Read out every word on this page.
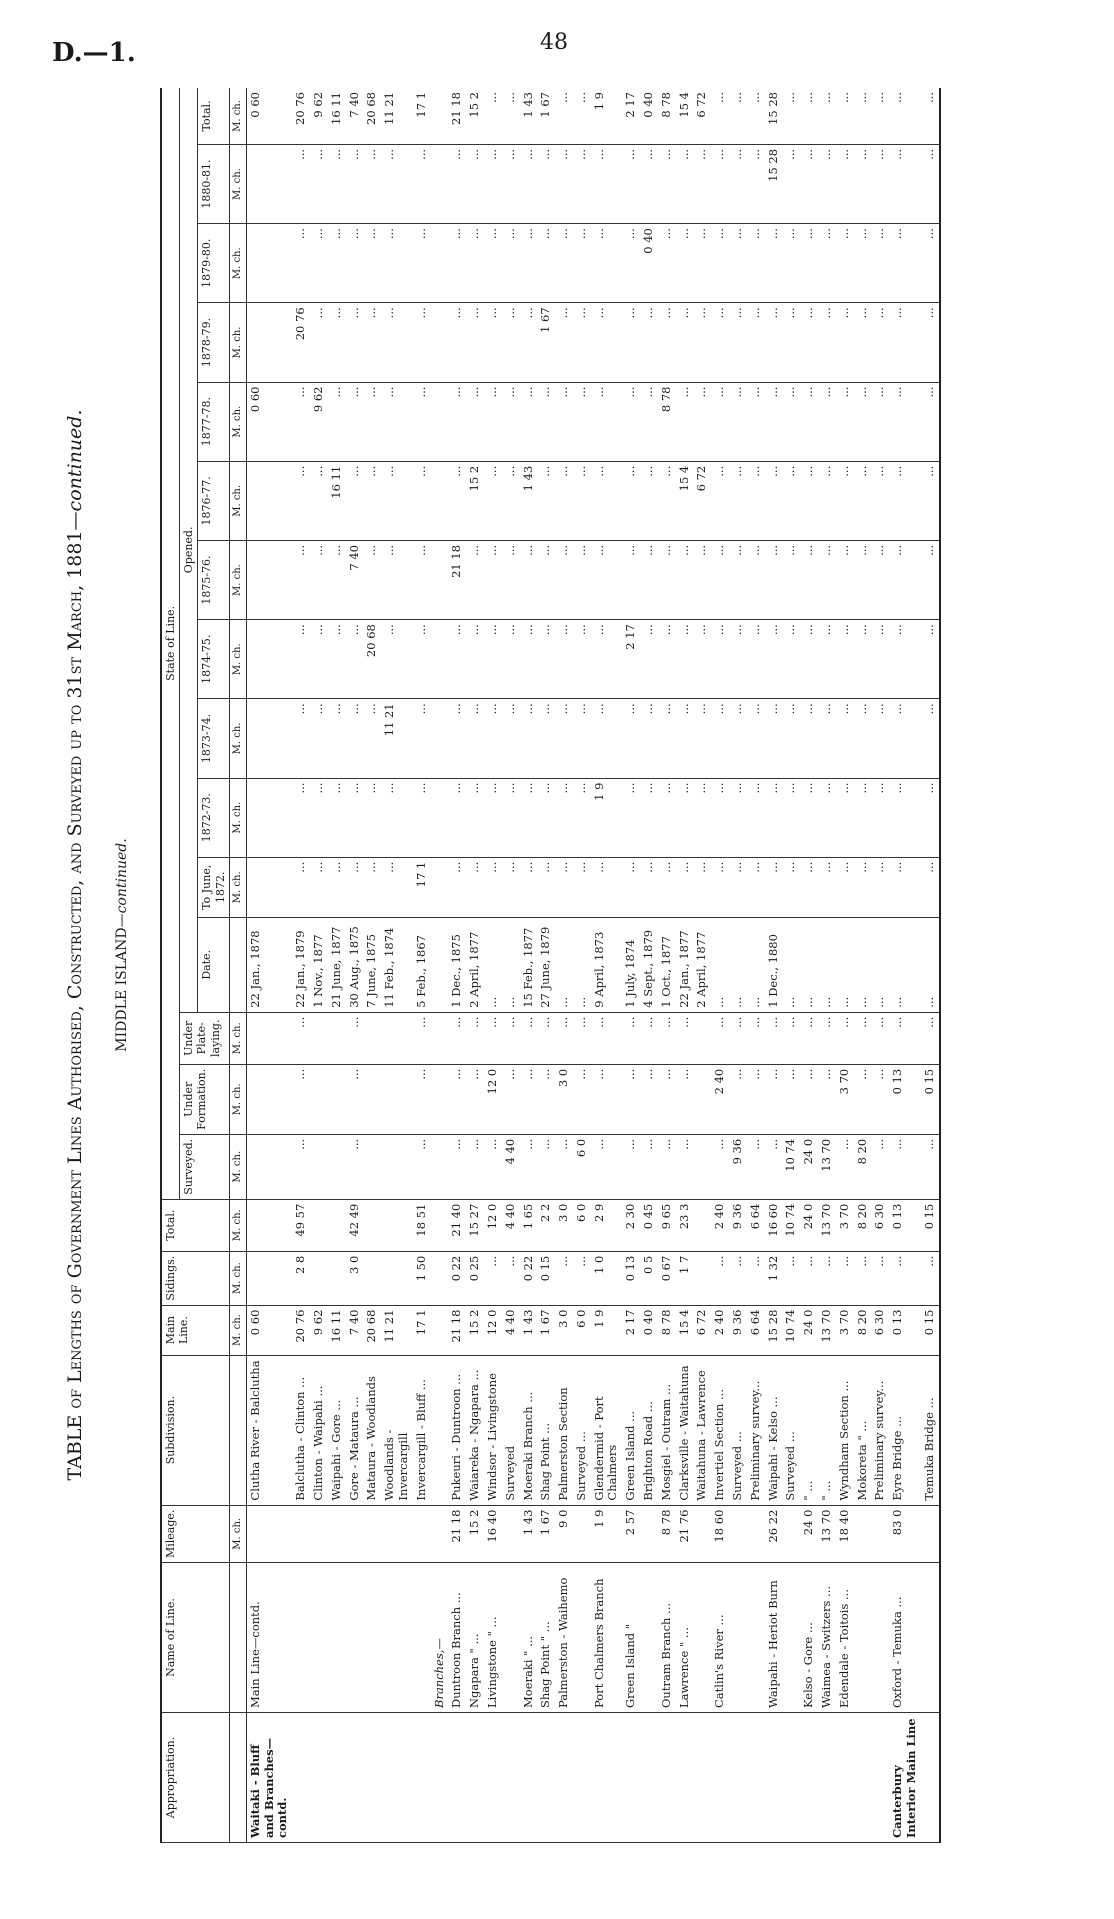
D.—1.	48
TABLE of Lengths of Government Lines Authorised, Constructed, and Surveyed up to 31st March, 1881—continued.
MIDDLE ISLAND—continued.
Appropriation.	Name of Line.	Mileage.	Subdivision.	Main Line.	Sidings.	Total.	State of Line.														
							Surveyed.	Under Formation.	Under Plate-laying.	Opened.											
										Date.	To June, 1872.	1872-73.	1873-74.	1874-75.	1875-76.	1876-77.	1877-78.	1878-79.	1879-80.	1880-81.	Total.
		M. ch.		M. ch.	M. ch.	M. ch.	M. ch.	M. ch.	M. ch.		M. ch.	M. ch.	M. ch.	M. ch.	M. ch.	M. ch.	M. ch.	M. ch.	M. ch.	M. ch.	M. ch.
Waitaki - Bluff and Branches—contd.	Main Line—contd.		Clutha River - Balclutha	0 60						22 Jan., 1878							0 60				0 60
			Balclutha - Clinton ...	20 76	2 8	49 57	...	...	...	22 Jan., 1879	...	...	...	...	...	...	...	20 76	...	...	20 76
			Clinton - Waipahi ...	9 62						1 Nov., 1877	...	...	...	...	...	...	9 62	...	...	...	9 62
			Waipahi - Gore ...	16 11						21 June, 1877	...	...	...	...	...	16 11	...	...	...	...	16 11
			Gore - Mataura ...	7 40	3 0	42 49	...	...	...	30 Aug., 1875	...	...	...	...	7 40	...	...	...	...	...	7 40
			Mataura - Woodlands	20 68						7 June, 1875	...	...	...	20 68	...	...	...	...	...	...	20 68
			Woodlands - Invercargill	11 21						11 Feb., 1874	...	...	11 21	...	...	...	...	...	...	...	11 21
			Invercargill - Bluff ...	17 1	1 50	18 51	...	...	...	5 Feb., 1867	17 1	...	...	...	...	...	...	...	...	...	17 1
	Branches,—																				
	Duntroon Branch ...	21 18	Pukeuri - Duntroon ...	21 18	0 22	21 40	...	...	...	1 Dec., 1875	...	...	...	...	21 18	...	...	...	...	...	21 18
	Ngapara " ...	15 2	Waiareka - Ngapara ...	15 2	0 25	15 27	...	...	...	2 April, 1877	...	...	...	...	...	15 2	...	...	...	...	15 2
	Livingstone " ...	16 40	Windsor - Livingstone	12 0	...	12 0	...	12 0	...	...	...	...	...	...	...	...	...	...	...	...	...
			Surveyed	4 40	...	4 40	4 40	...	...	...	...	...	...	...	...	...	...	...	...	...	...
	Moeraki " ...	1 43	Moeraki Branch ...	1 43	0 22	1 65	...	...	...	15 Feb., 1877	...	...	...	...	...	1 43	...	...	...	...	1 43
	Shag Point " ...	1 67	Shag Point ...	1 67	0 15	2 2	...	...	...	27 June, 1879	...	...	...	...	...	...	...	1 67	...	...	1 67
	Palmerston - Waihemo	9 0	Palmerston Section	3 0	...	3 0	...	3 0	...	...	...	...	...	...	...	...	...	...	...	...	...
			Surveyed ...	6 0	...	6 0	6 0	...	...	...	...	...	...	...	...	...	...	...	...	...	...
	Port Chalmers Branch	1 9	Glendermid - Port Chalmers	1 9	1 0	2 9	...	...	...	9 April, 1873	...	1 9	...	...	...	...	...	...	...	...	1 9
	Green Island "	2 57	Green Island ...	2 17	0 13	2 30	...	...	...	1 July, 1874	...	...	...	2 17	...	...	...	...	...	...	2 17
			Brighton Road ...	0 40	0 5	0 45	...	...	...	4 Sept., 1879	...	...	...	...	...	...	...	...	0 40	...	0 40
	Outram Branch ...	8 78	Mosgiel - Outram ...	8 78	0 67	9 65	...	...	...	1 Oct., 1877	...	...	...	...	...	...	8 78	...	...	...	8 78
	Lawrence " ...	21 76	Clarksville - Waitahuna	15 4	1 7	23 3	...	...	...	22 Jan., 1877	...	...	...	...	...	15 4	...	...	...	...	15 4
			Waitahuna - Lawrence	6 72						2 April, 1877	...	...	...	...	...	6 72	...	...	...	...	6 72
	Catlin's River ...	18 60	Invertiel Section ...	2 40	...	2 40	...	2 40	...	...	...	...	...	...	...	...	...	...	...	...	...
			Surveyed ...	9 36	...	9 36	9 36	...	...	...	...	...	...	...	...	...	...	...	...	...	...
			Preliminary survey...	6 64	...	6 64	...	...	...	...	...	...	...	...	...	...	...	...	...	...	...
	Waipahi - Heriot Burn	26 22	Waipahi - Kelso ...	15 28	1 32	16 60	...	...	...	1 Dec., 1880	...	...	...	...	...	...	...	...	...	15 28	15 28
			Surveyed ...	10 74	...	10 74	10 74	...	...	...	...	...	...	...	...	...	...	...	...	...	...
	Kelso - Gore ...	24 0	" ...	24 0	...	24 0	24 0	...	...	...	...	...	...	...	...	...	...	...	...	...	...
	Waimea - Switzers ...	13 70	" ...	13 70	...	13 70	13 70	...	...	...	...	...	...	...	...	...	...	...	...	...	...
	Edendale - Toitois ...	18 40	Wyndham Section ...	3 70	...	3 70	...	3 70	...	...	...	...	...	...	...	...	...	...	...	...	...
			Mokoreta " ...	8 20	...	8 20	8 20	...	...	...	...	...	...	...	...	...	...	...	...	...	...
			Preliminary survey...	6 30	...	6 30	...	...	...	...	...	...	...	...	...	...	...	...	...	...	...
Canterbury Interior Main Line	Oxford - Temuka ...	83 0	Eyre Bridge ...	0 13	...	0 13	...	0 13	...	...	...	...	...	...	...	...	...	...	...	...	...
			Temuka Bridge ...	0 15	...	0 15	...	0 15	...	...	...	...	...	...	...	...	...	...	...	...	...
